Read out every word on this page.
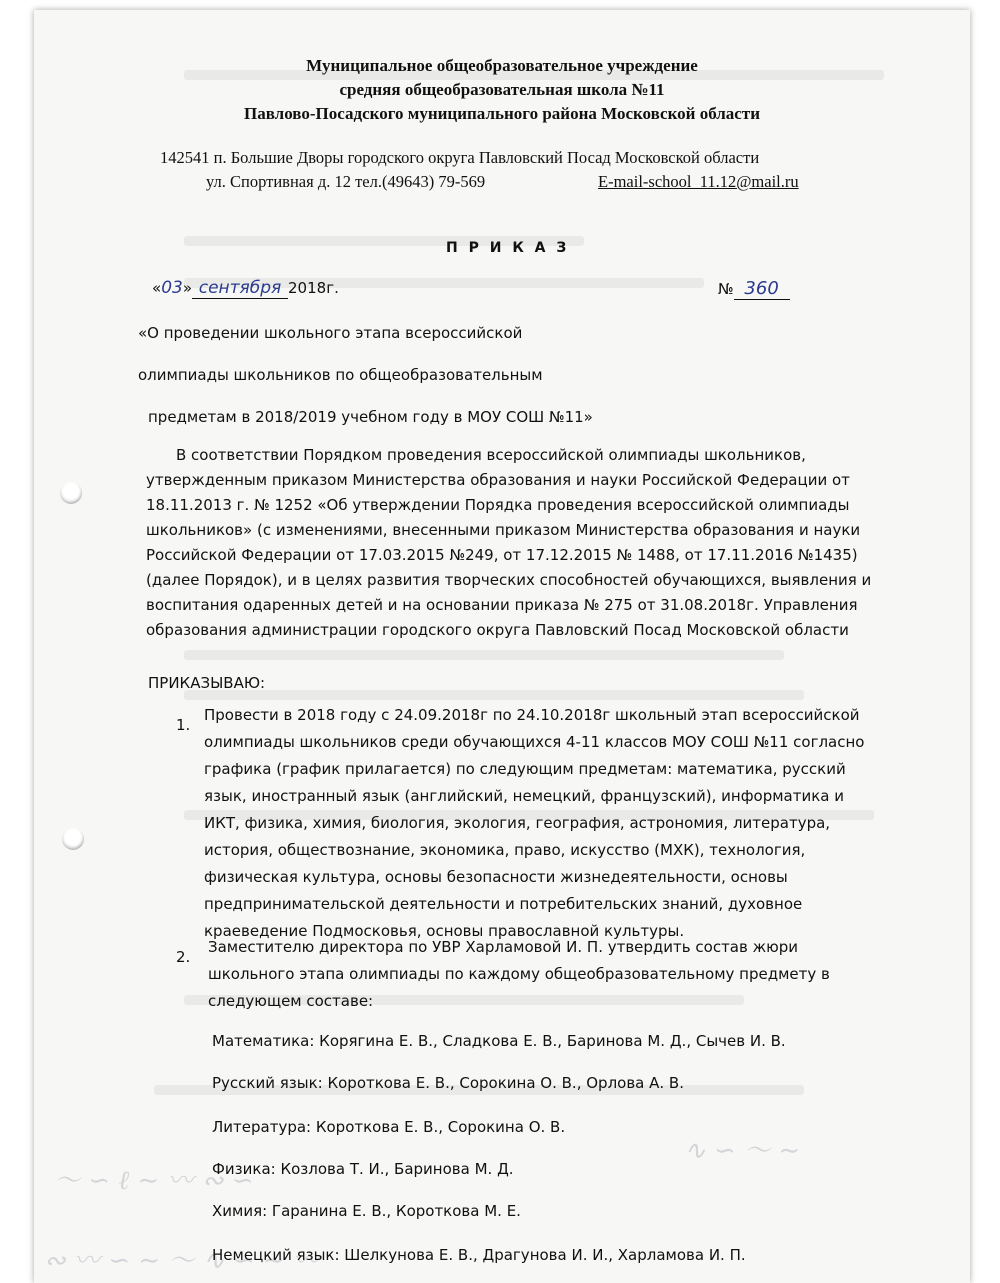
〜 ∽ ℓ ∼ 〰 ∾ ∽
∿ ∽ 〜 ∼
∾ 〰 ∽ ∼ 〜 ∿ ∽ ∼ 〰
Муниципальное общеобразовательное учреждение
средняя общеобразовательная школа №11
Павлово-Посадского муниципального района Московской области
142541 п. Большие Дворы городского округа Павловский Посад Московской области
ул. Спортивная д. 12 тел.(49643) 79-569	E-mail-school_11.12@mail.ru
П Р И К А З
«03» сентября 2018г.	№ 360
«О проведении школьного этапа всероссийской
олимпиады школьников по общеобразовательным
предметам в 2018/2019 учебном году в МОУ СОШ №11»
В соответствии Порядком проведения всероссийской олимпиады школьников,
утвержденным приказом Министерства образования и науки Российской Федерации от
18.11.2013 г. № 1252 «Об утверждении Порядка проведения всероссийской олимпиады
школьников» (с изменениями, внесенными приказом Министерства образования и науки
Российской Федерации от 17.03.2015 №249, от 17.12.2015 № 1488, от 17.11.2016 №1435)
(далее Порядок), и в целях развития творческих способностей обучающихся, выявления и
воспитания одаренных детей и на основании приказа № 275 от 31.08.2018г. Управления
образования администрации городского округа Павловский Посад Московской области
ПРИКАЗЫВАЮ:
1.
Провести в 2018 году с 24.09.2018г по 24.10.2018г школьный этап всероссийской
олимпиады школьников среди обучающихся 4-11 классов МОУ СОШ №11 согласно
графика (график прилагается) по следующим предметам: математика, русский
язык, иностранный язык (английский, немецкий, французский), информатика и
ИКТ, физика, химия, биология, экология, география, астрономия, литература,
история, обществознание, экономика, право, искусство (МХК), технология,
физическая культура, основы безопасности жизнедеятельности, основы
предпринимательской деятельности и потребительских знаний, духовное
краеведение Подмосковья, основы православной культуры.
2.
Заместителю директора по УВР Харламовой И. П. утвердить состав жюри
школьного этапа олимпиады по каждому общеобразовательному предмету в
следующем составе:
Математика: Корягина Е. В., Сладкова Е. В., Баринова М. Д., Сычев И. В.
Русский язык: Короткова Е. В., Сорокина О. В., Орлова А. В.
Литература: Короткова Е. В., Сорокина О. В.
Физика: Козлова Т. И., Баринова М. Д.
Химия: Гаранина Е. В., Короткова М. Е.
Немецкий язык: Шелкунова Е. В., Драгунова И. И., Харламова И. П.
